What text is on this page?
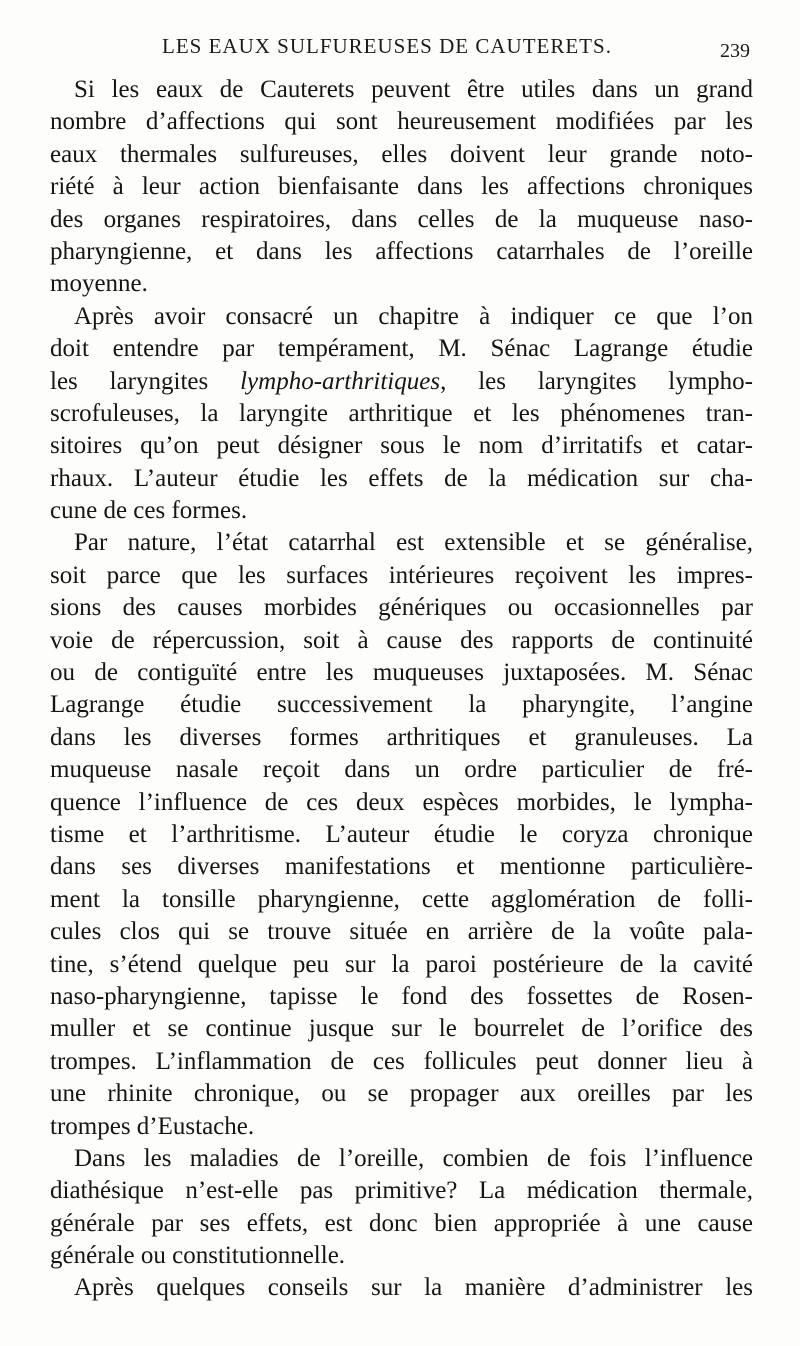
LES EAUX SULFUREUSES DE CAUTERETS.	239
Si les eaux de Cauterets peuvent être utiles dans un grand
nombre d’affections qui sont heureusement modifiées par les
eaux thermales sulfureuses, elles doivent leur grande noto-
riété à leur action bienfaisante dans les affections chroniques
des organes respiratoires, dans celles de la muqueuse naso-
pharyngienne, et dans les affections catarrhales de l’oreille
moyenne.
Après avoir consacré un chapitre à indiquer ce que l’on
doit entendre par tempérament, M. Sénac Lagrange étudie
les laryngites lympho-arthritiques, les laryngites lympho-
scrofuleuses, la laryngite arthritique et les phénomenes tran-
sitoires qu’on peut désigner sous le nom d’irritatifs et catar-
rhaux. L’auteur étudie les effets de la médication sur cha-
cune de ces formes.
Par nature, l’état catarrhal est extensible et se généralise,
soit parce que les surfaces intérieures reçoivent les impres-
sions des causes morbides génériques ou occasionnelles par
voie de répercussion, soit à cause des rapports de continuité
ou de contiguïté entre les muqueuses juxtaposées. M. Sénac
Lagrange étudie successivement la pharyngite, l’angine
dans les diverses formes arthritiques et granuleuses. La
muqueuse nasale reçoit dans un ordre particulier de fré-
quence l’influence de ces deux espèces morbides, le lympha-
tisme et l’arthritisme. L’auteur étudie le coryza chronique
dans ses diverses manifestations et mentionne particulière-
ment la tonsille pharyngienne, cette agglomération de folli-
cules clos qui se trouve située en arrière de la voûte pala-
tine, s’étend quelque peu sur la paroi postérieure de la cavité
naso-pharyngienne, tapisse le fond des fossettes de Rosen-
muller et se continue jusque sur le bourrelet de l’orifice des
trompes. L’inflammation de ces follicules peut donner lieu à
une rhinite chronique, ou se propager aux oreilles par les
trompes d’Eustache.
Dans les maladies de l’oreille, combien de fois l’influence
diathésique n’est-elle pas primitive? La médication thermale,
générale par ses effets, est donc bien appropriée à une cause
générale ou constitutionnelle.
Après quelques conseils sur la manière d’administrer les
